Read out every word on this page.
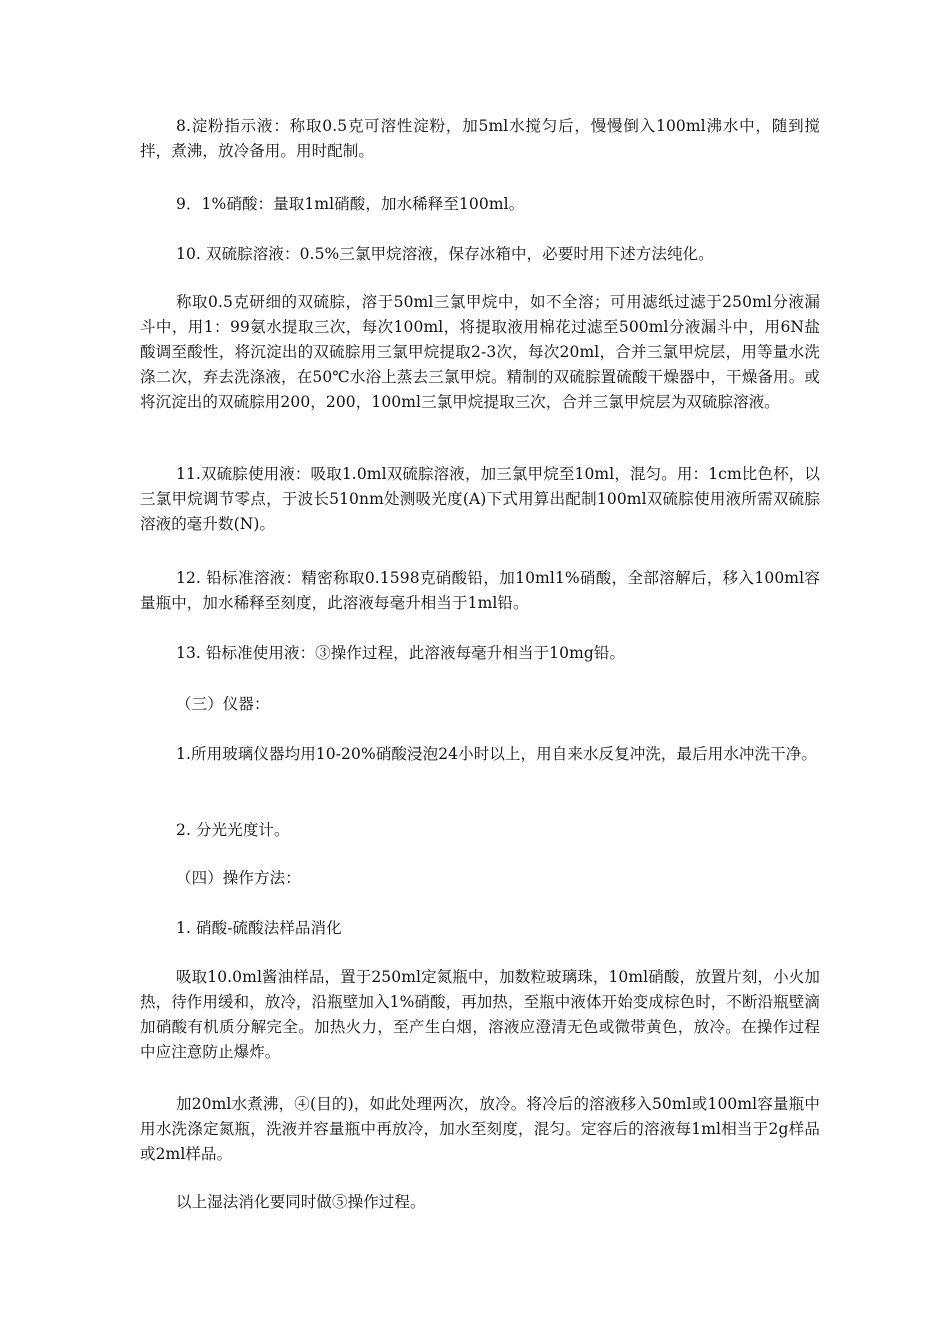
8.淀粉指示液：称取0.5克可溶性淀粉，加5ml水搅匀后，慢慢倒入100ml沸水中，随到搅拌，煮沸，放冷备用。用时配制。

9．1%硝酸：量取1ml硝酸，加水稀释至100ml。

10. 双硫腙溶液：0.5%三氯甲烷溶液，保存冰箱中，必要时用下述方法纯化。

称取0.5克研细的双硫腙，溶于50ml三氯甲烷中，如不全溶；可用滤纸过滤于250ml分液漏斗中，用1：99氨水提取三次，每次100ml，将提取液用棉花过滤至500ml分液漏斗中，用6N盐酸调至酸性，将沉淀出的双硫腙用三氯甲烷提取2-3次，每次20ml，合并三氯甲烷层，用等量水洗涤二次，弃去洗涤液，在50℃水浴上蒸去三氯甲烷。精制的双硫腙置硫酸干燥器中，干燥备用。或将沉淀出的双硫腙用200，200，100ml三氯甲烷提取三次，合并三氯甲烷层为双硫腙溶液。

11.双硫腙使用液：吸取1.0ml双硫腙溶液，加三氯甲烷至10ml，混匀。用：1cm比色杯，以三氯甲烷调节零点，于波长510nm处测吸光度(A)下式用算出配制100ml双硫腙使用液所需双硫腙溶液的毫升数(N)。

12. 铅标准溶液：精密称取0.1598克硝酸铅，加10ml1%硝酸，全部溶解后，移入100ml容量瓶中，加水稀释至刻度，此溶液每毫升相当于1ml铅。

13. 铅标准使用液：③操作过程，此溶液每毫升相当于10mg铅。

（三）仪器：

1.所用玻璃仪器均用10-20%硝酸浸泡24小时以上，用自来水反复冲洗，最后用水冲洗干净。

2. 分光光度计。

（四）操作方法：

1. 硝酸-硫酸法样品消化

吸取10.0ml酱油样品，置于250ml定氮瓶中，加数粒玻璃珠，10ml硝酸，放置片刻，小火加热，待作用缓和，放冷，沿瓶壁加入1%硝酸，再加热，至瓶中液体开始变成棕色时，不断沿瓶壁滴加硝酸有机质分解完全。加热火力，至产生白烟，溶液应澄清无色或微带黄色，放冷。在操作过程中应注意防止爆炸。

加20ml水煮沸，④(目的)，如此处理两次，放冷。将冷后的溶液移入50ml或100ml容量瓶中用水洗涤定氮瓶，洗液并容量瓶中再放冷，加水至刻度，混匀。定容后的溶液每1ml相当于2g样品或2ml样品。

以上湿法消化要同时做⑤操作过程。
